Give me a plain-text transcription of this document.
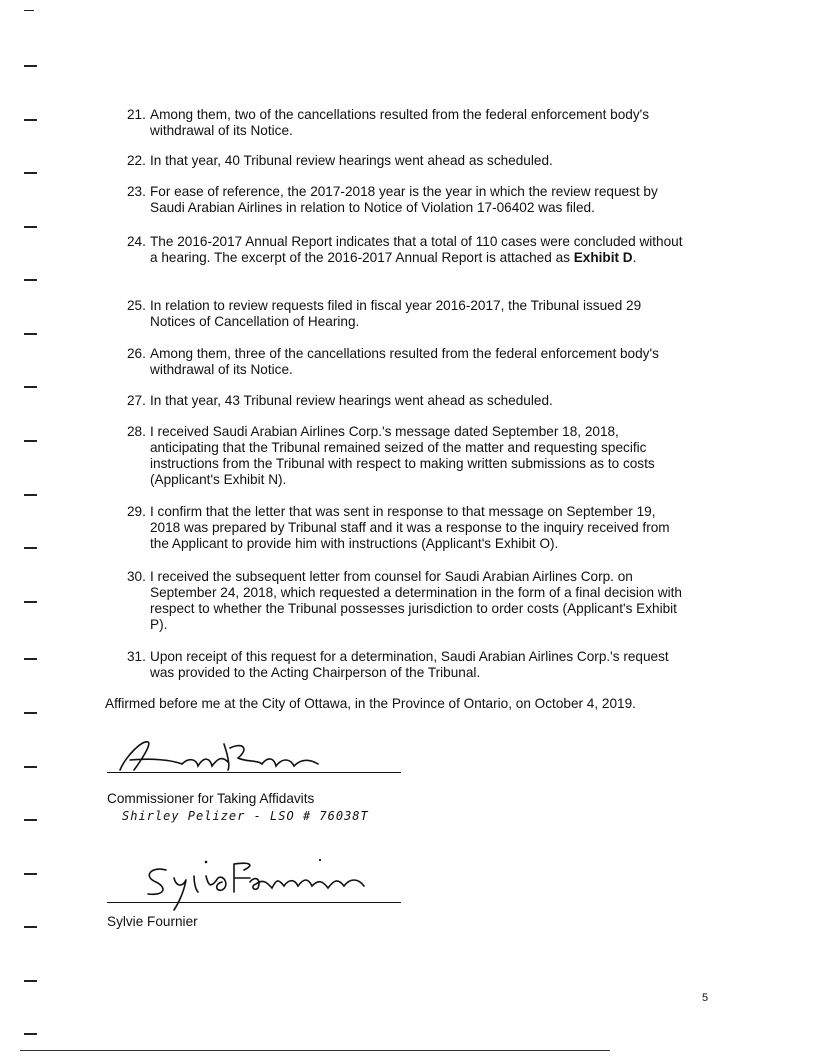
21. Among them, two of the cancellations resulted from the federal enforcement body's withdrawal of its Notice.
22. In that year, 40 Tribunal review hearings went ahead as scheduled.
23. For ease of reference, the 2017-2018 year is the year in which the review request by Saudi Arabian Airlines in relation to Notice of Violation 17-06402 was filed.
24. The 2016-2017 Annual Report indicates that a total of 110 cases were concluded without a hearing. The excerpt of the 2016-2017 Annual Report is attached as Exhibit D.
25. In relation to review requests filed in fiscal year 2016-2017, the Tribunal issued 29 Notices of Cancellation of Hearing.
26. Among them, three of the cancellations resulted from the federal enforcement body's withdrawal of its Notice.
27. In that year, 43 Tribunal review hearings went ahead as scheduled.
28. I received Saudi Arabian Airlines Corp.'s message dated September 18, 2018, anticipating that the Tribunal remained seized of the matter and requesting specific instructions from the Tribunal with respect to making written submissions as to costs (Applicant's Exhibit N).
29. I confirm that the letter that was sent in response to that message on September 19, 2018 was prepared by Tribunal staff and it was a response to the inquiry received from the Applicant to provide him with instructions (Applicant's Exhibit O).
30. I received the subsequent letter from counsel for Saudi Arabian Airlines Corp. on September 24, 2018, which requested a determination in the form of a final decision with respect to whether the Tribunal possesses jurisdiction to order costs (Applicant's Exhibit P).
31. Upon receipt of this request for a determination, Saudi Arabian Airlines Corp.'s request was provided to the Acting Chairperson of the Tribunal.
Affirmed before me at the City of Ottawa, in the Province of Ontario, on October 4, 2019.
Commissioner for Taking Affidavits
Shirley Pelizer - LSO # 76038T
Sylvie Fournier
5
